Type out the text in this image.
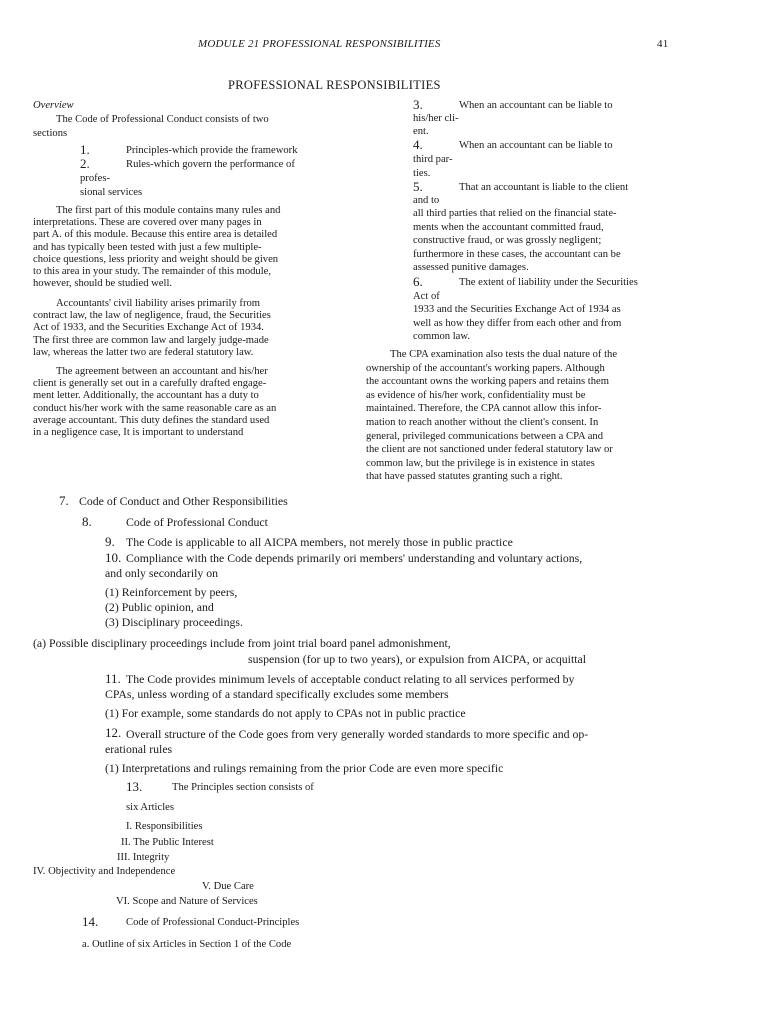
MODULE 21 PROFESSIONAL RESPONSIBILITIES	41
PROFESSIONAL RESPONSIBILITIES
Overview
The Code of Professional Conduct consists of two
sections
1.	Principles-which provide the framework
2.	Rules-which govern the performance of
profes-
sional services
The first part of this module contains many rules and
interpretations. These are covered over many pages in
part A. of this module. Because this entire area is detailed
and has typically been tested with just a few multiple-
choice questions, less priority and weight should be given
to this area in your study. The remainder of this module,
however, should be studied well.
Accountants' civil liability arises primarily from
contract law, the law of negligence, fraud, the Securities
Act of 1933, and the Securities Exchange Act of 1934.
The first three are common law and largely judge-made
law, whereas the latter two are federal statutory law.
The agreement between an accountant and his/her
client is generally set out in a carefully drafted engage-
ment letter. Additionally, the accountant has a duty to
conduct his/her work with the same reasonable care as an
average accountant. This duty defines the standard used
in a negligence case, It is important to understand
3.	When an accountant can be liable to
his/her cli-
ent.
4.	When an accountant can be liable to
third par-
ties.
5.	That an accountant is liable to the client
and to
all third parties that relied on the financial state-
ments when the accountant committed fraud,
constructive fraud, or was grossly negligent;
furthermore in these cases, the accountant can be
assessed punitive damages.
6.	The extent of liability under the Securities
Act of
1933 and the Securities Exchange Act of 1934 as
well as how they differ from each other and from
common law.
The CPA examination also tests the dual nature of the
ownership of the accountant's working papers. Although
the accountant owns the working papers and retains them
as evidence of his/her work, confidentiality must be
maintained. Therefore, the CPA cannot allow this infor-
mation to reach another without the client's consent. In
general, privileged communications between a CPA and
the client are not sanctioned under federal statutory law or
common law, but the privilege is in existence in states
that have passed statutes granting such a right.
7. Code of Conduct and Other Responsibilities
8.	Code of Professional Conduct
9. The Code is applicable to all AICPA members, not merely those in public practice
10. Compliance with the Code depends primarily ori members' understanding and voluntary actions,
and only secondarily on
(1) Reinforcement by peers,
(2) Public opinion, and
(3) Disciplinary proceedings.
(a) Possible disciplinary proceedings include from joint trial board panel admonishment,
suspension (for up to two years), or expulsion from AICPA, or acquittal
11. The Code provides minimum levels of acceptable conduct relating to all services performed by
CPAs, unless wording of a standard specifically excludes some members
(1) For example, some standards do not apply to CPAs not in public practice
12. Overall structure of the Code goes from very generally worded standards to more specific and op-
erational rules
(1) Interpretations and rulings remaining from the prior Code are even more specific
13.	The Principles section consists of
six Articles
I. Responsibilities
II. The Public Interest
III. Integrity
IV. Objectivity and Independence
V. Due Care
VI. Scope and Nature of Services
14.	Code of Professional Conduct-Principles
a. Outline of six Articles in Section 1 of the Code
